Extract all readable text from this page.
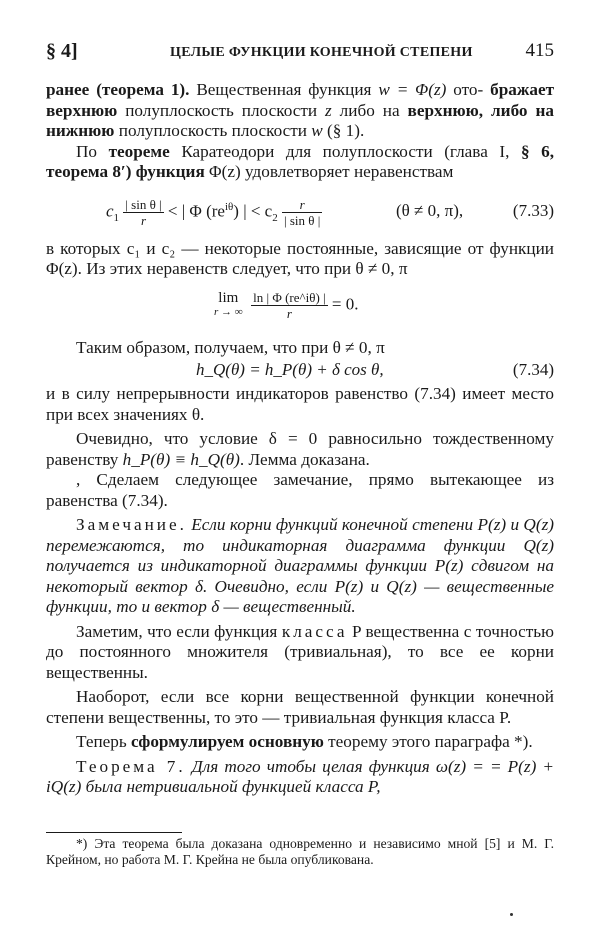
§ 4]	ЦЕЛЫЕ ФУНКЦИИ КОНЕЧНОЙ СТЕПЕНИ	415

ранее (теорема 1). Вещественная функция w = Φ(z) ото- бражает верхнюю полуплоскость плоскости z либо на верхнюю, либо на нижнюю полуплоскость плоскости w (§ 1).

По теореме Каратеодори для полуплоскости (глава I, § 6, теорема 8′) функция Φ(z) удовлетворяет неравенствам

$c_1 \frac{\text{| sin θ |}}{r}$ < | Φ $(re^{i\theta})$ | < $c_2 \frac{r}{\text{| sin θ |}}$	(θ ≠ 0, π),	(7.33)

в которых c₁ и c₂ — некоторые постоянные, зависящие от функции Φ(z). Из этих неравенств следует, что при θ ≠ 0, π

lim
r → ∞
$\frac{\ln | \Phi (re\^{}i\theta) |}{r} = 0$.

Таким образом, получаем, что при θ ≠ 0, π

h_Q(θ) = h_P(θ) + δ cos θ,	(7.34)

и в силу непрерывности индикаторов равенство (7.34) имеет место при всех значениях θ.

Очевидно, что условие δ = 0 равносильно тождественному равенству h_P(θ) ≡ h_Q(θ). Лемма доказана.

, Сделаем следующее замечание, прямо вытекающее из равенства (7.34).

Замечание. Если корни функций конечной степени P(z) и Q(z) перемежаются, то индикаторная диаграмма функции Q(z) получается из индикаторной диаграммы функции P(z) сдвигом на некоторый вектор δ. Очевидно, если P(z) и Q(z) — вещественные функции, то и вектор δ — вещественный.

Заметим, что если функция класса P вещественна с точностью до постоянного множителя (тривиальная), то все ее корни вещественны.

Наоборот, если все корни вещественной функции конечной степени вещественны, то это — тривиальная функция класса P.

Теперь сформулируем основную теорему этого параграфа *).

Теорема 7. Для того чтобы целая функция ω(z) = = P(z) + iQ(z) была нетривиальной функцией класса P,

*) Эта теорема была доказана одновременно и независимо мной [5] и М. Г. Крейном, но работа М. Г. Крейна не была опубликована.
